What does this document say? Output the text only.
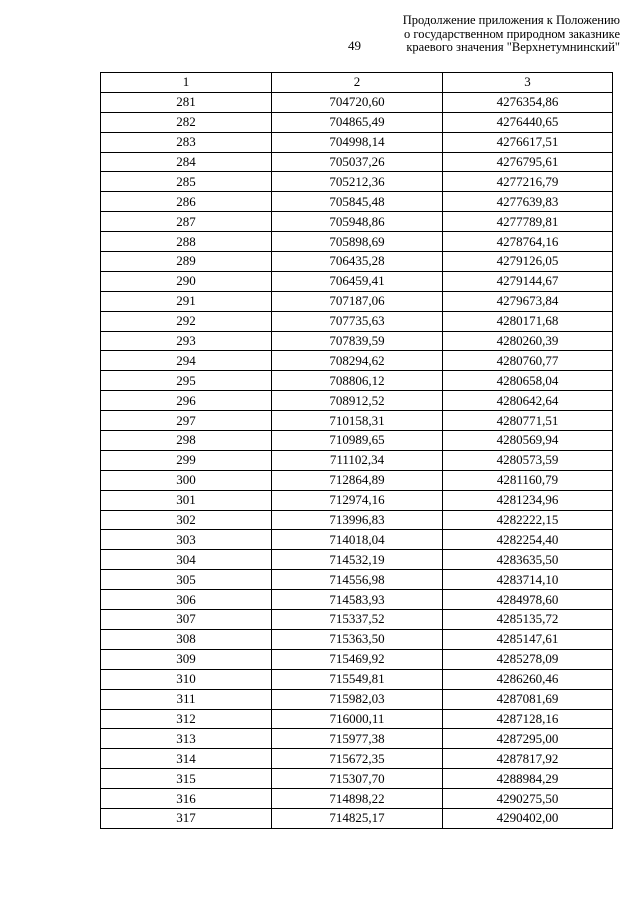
49
Продолжение приложения к Положению
о государственном природном заказнике
краевого значения "Верхнетумнинский"
1	2	3
281	704720,60	4276354,86
282	704865,49	4276440,65
283	704998,14	4276617,51
284	705037,26	4276795,61
285	705212,36	4277216,79
286	705845,48	4277639,83
287	705948,86	4277789,81
288	705898,69	4278764,16
289	706435,28	4279126,05
290	706459,41	4279144,67
291	707187,06	4279673,84
292	707735,63	4280171,68
293	707839,59	4280260,39
294	708294,62	4280760,77
295	708806,12	4280658,04
296	708912,52	4280642,64
297	710158,31	4280771,51
298	710989,65	4280569,94
299	711102,34	4280573,59
300	712864,89	4281160,79
301	712974,16	4281234,96
302	713996,83	4282222,15
303	714018,04	4282254,40
304	714532,19	4283635,50
305	714556,98	4283714,10
306	714583,93	4284978,60
307	715337,52	4285135,72
308	715363,50	4285147,61
309	715469,92	4285278,09
310	715549,81	4286260,46
311	715982,03	4287081,69
312	716000,11	4287128,16
313	715977,38	4287295,00
314	715672,35	4287817,92
315	715307,70	4288984,29
316	714898,22	4290275,50
317	714825,17	4290402,00
